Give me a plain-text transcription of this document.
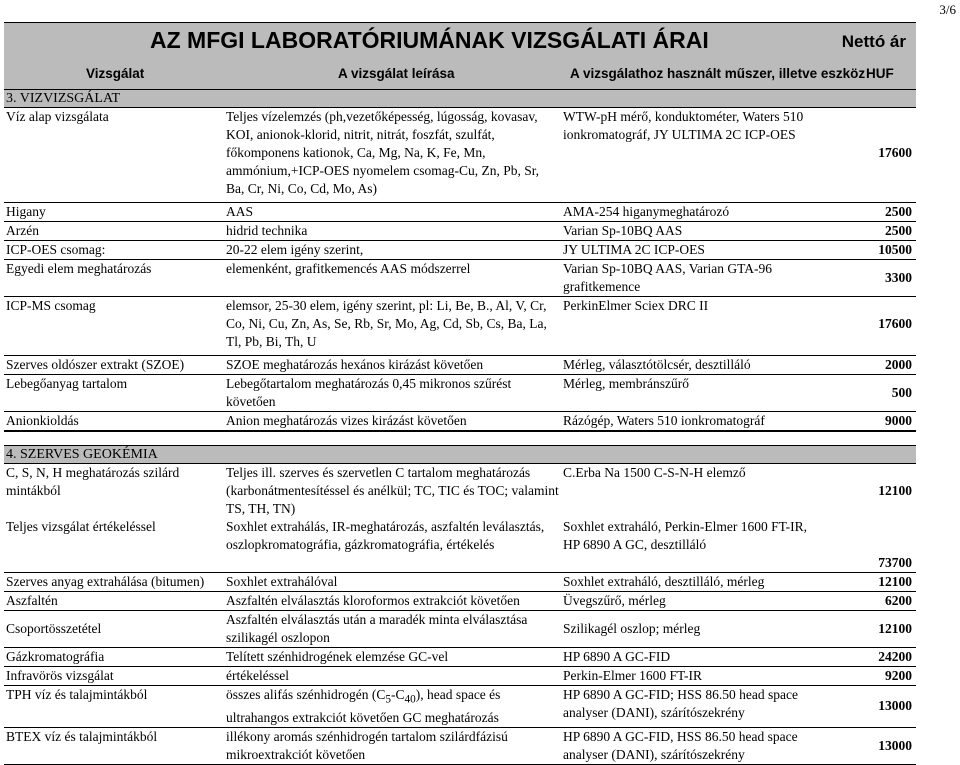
3/6
AZ MFGI LABORATÓRIUMÁNAK VIZSGÁLATI ÁRAI	Nettó ár
Vizsgálat	A vizsgálat leírása	A vizsgálathoz használt műszer, illetve eszköz HUF
3. VIZVIZSGÁLAT
Víz alap vizsgálata	Teljes vízelemzés (ph,vezetőképesség, lúgosság, kovasav, KOI, anionok-klorid, nitrit, nitrát, foszfát, szulfát, főkomponens kationok, Ca, Mg, Na, K, Fe, Mn, ammónium,+ICP-OES nyomelem csomag-Cu, Zn, Pb, Sr, Ba, Cr, Ni, Co, Cd, Mo, As)	WTW-pH mérő, konduktométer, Waters 510 ionkromatográf, JY ULTIMA 2C ICP-OES	17600
Higany	AAS	AMA-254 higanymeghatározó	2500
Arzén	hidrid technika	Varian Sp-10BQ AAS	2500
ICP-OES csomag:	20-22 elem igény szerint,	JY ULTIMA 2C ICP-OES	10500
Egyedi elem meghatározás	elemenként, grafitkemencés AAS módszerrel	Varian Sp-10BQ AAS, Varian GTA-96 grafitkemence	3300
ICP-MS csomag	elemsor, 25-30 elem, igény szerint, pl: Li, Be, B., Al, V, Cr, Co, Ni, Cu, Zn, As, Se, Rb, Sr, Mo, Ag, Cd, Sb, Cs, Ba, La, Tl, Pb, Bi, Th, U	PerkinElmer Sciex DRC II	17600
Szerves oldószer extrakt (SZOE)	SZOE meghatározás hexános kirázást követően	Mérleg, választótölcsér, desztilláló	2000
Lebegőanyag tartalom	Lebegőtartalom meghatározás 0,45 mikronos szűrést követően	Mérleg, membránszűrő	500
Anionkioldás	Anion meghatározás vizes kirázást követően	Rázógép, Waters 510 ionkromatográf	9000
4. SZERVES GEOKÉMIA
C, S, N, H meghatározás szilárd mintákból	Teljes ill. szerves és szervetlen C tartalom meghatározás (karbonátmentesítéssel és anélkül; TC, TIC és TOC; valamint TS, TH, TN)	C.Erba Na 1500 C-S-N-H elemző	12100
Teljes vizsgálat értékeléssel	Soxhlet extrahálás, IR-meghatározás, aszfaltén leválasztás, oszlopkromatográfia, gázkromatográfia, értékelés	Soxhlet extraháló, Perkin-Elmer 1600 FT-IR, HP 6890 A GC, desztilláló	73700
Szerves anyag extrahálása (bitumen)	Soxhlet extrahálóval	Soxhlet extraháló, desztilláló, mérleg	12100
Aszfaltén	Aszfaltén elválasztás kloroformos extrakciót követően	Üvegszűrő, mérleg	6200
Csoportösszetétel	Aszfaltén elválasztás után a maradék minta elválasztása szilikagél oszlopon	Szilikagél oszlop; mérleg	12100
Gázkromatográfia	Telített szénhidrogének elemzése GC-vel	HP 6890 A GC-FID	24200
Infravörös vizsgálat	értékeléssel	Perkin-Elmer 1600 FT-IR	9200
TPH víz és talajmintákból	összes alifás szénhidrogén $(C_5-C_{40})$, head space és ultrahangos extrakciót követően GC meghatározás	HP 6890 A GC-FID; HSS 86.50 head space analyser (DANI), szárítószekrény	13000
BTEX víz és talajmintákból	illékony aromás szénhidrogén tartalom szilárdfázisú mikroextrakciót követően	HP 6890 A GC-FID, HSS 86.50 head space analyser (DANI), szárítószekrény	13000
